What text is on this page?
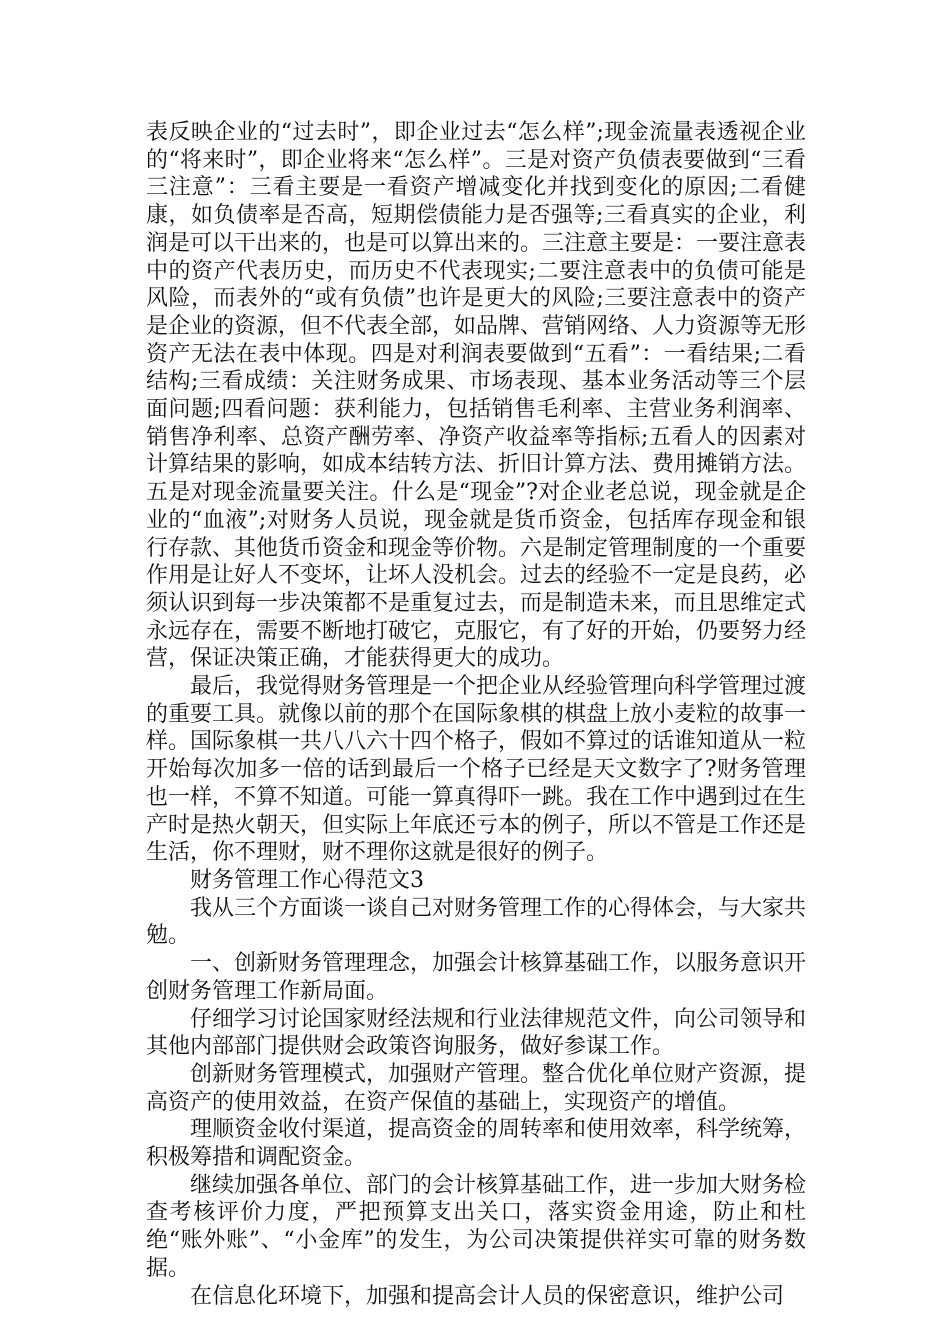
表反映企业的“过去时”，即企业过去“怎么样”;现金流量表透视企业的“将来时”，即企业将来“怎么样”。三是对资产负债表要做到“三看三注意”：三看主要是一看资产增减变化并找到变化的原因;二看健康，如负债率是否高，短期偿债能力是否强等;三看真实的企业，利润是可以干出来的，也是可以算出来的。三注意主要是：一要注意表中的资产代表历史，而历史不代表现实;二要注意表中的负债可能是风险，而表外的“或有负债”也许是更大的风险;三要注意表中的资产是企业的资源，但不代表全部，如品牌、营销网络、人力资源等无形资产无法在表中体现。四是对利润表要做到“五看”：一看结果;二看结构;三看成绩：关注财务成果、市场表现、基本业务活动等三个层面问题;四看问题：获利能力，包括销售毛利率、主营业务利润率、销售净利率、总资产酬劳率、净资产收益率等指标;五看人的因素对计算结果的影响，如成本结转方法、折旧计算方法、费用摊销方法。五是对现金流量要关注。什么是“现金”?对企业老总说，现金就是企业的“血液”;对财务人员说，现金就是货币资金，包括库存现金和银行存款、其他货币资金和现金等价物。六是制定管理制度的一个重要作用是让好人不变坏，让坏人没机会。过去的经验不一定是良药，必须认识到每一步决策都不是重复过去，而是制造未来，而且思维定式永远存在，需要不断地打破它，克服它，有了好的开始，仍要努力经营，保证决策正确，才能获得更大的成功。

最后，我觉得财务管理是一个把企业从经验管理向科学管理过渡的重要工具。就像以前的那个在国际象棋的棋盘上放小麦粒的故事一样。国际象棋一共八八六十四个格子，假如不算过的话谁知道从一粒开始每次加多一倍的话到最后一个格子已经是天文数字了?财务管理也一样，不算不知道。可能一算真得吓一跳。我在工作中遇到过在生产时是热火朝天，但实际上年底还亏本的例子，所以不管是工作还是生活，你不理财，财不理你这就是很好的例子。

财务管理工作心得范文3

我从三个方面谈一谈自己对财务管理工作的心得体会，与大家共勉。

一、创新财务管理理念，加强会计核算基础工作，以服务意识开创财务管理工作新局面。

仔细学习讨论国家财经法规和行业法律规范文件，向公司领导和其他内部部门提供财会政策咨询服务，做好参谋工作。

创新财务管理模式，加强财产管理。整合优化单位财产资源，提高资产的使用效益，在资产保值的基础上，实现资产的增值。

理顺资金收付渠道，提高资金的周转率和使用效率，科学统筹，积极筹措和调配资金。

继续加强各单位、部门的会计核算基础工作，进一步加大财务检查考核评价力度，严把预算支出关口，落实资金用途，防止和杜绝“账外账”、“小金库”的发生，为公司决策提供祥实可靠的财务数据。

在信息化环境下，加强和提高会计人员的保密意识，维护公司
